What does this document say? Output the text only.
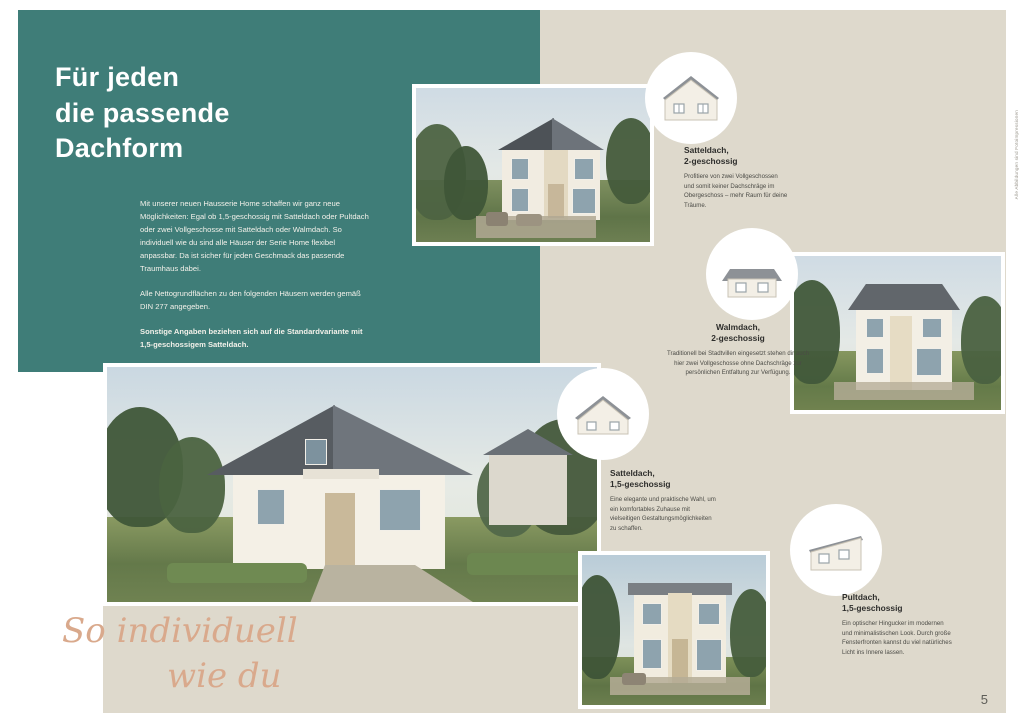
Für jeden
die passende
Dachform

Mit unserer neuen Hausserie Home schaffen wir ganz neue Möglichkeiten: Egal ob 1,5-geschossig mit Satteldach oder Pultdach oder zwei Vollgeschosse mit Satteldach oder Walmdach. So individuell wie du sind alle Häuser der Serie Home flexibel anpassbar. Da ist sicher für jeden Geschmack das passende Traumhaus dabei.

Alle Nettogrundflächen zu den folgenden Häusern werden gemäß DIN 277 angegeben.

Sonstige Angaben beziehen sich auf die Standardvariante mit 1,5-geschossigem Satteldach.

So individuell
wie du
5
Alle Abbildungen sind Fotoimpressionen
Satteldach,
2-geschossig
Profitiere von zwei Vollgeschossen und somit keiner Dachschräge im Obergeschoss – mehr Raum für deine Träume.
Walmdach,
2-geschossig
Traditionell bei Stadtvillen eingesetzt stehen dir auch hier zwei Vollgeschosse ohne Dachschräge zur persönlichen Entfaltung zur Verfügung.
Satteldach,
1,5-geschossig
Eine elegante und praktische Wahl, um ein komfortables Zuhause mit vielseitigen Gestaltungsmöglichkeiten zu schaffen.
Pultdach,
1,5-geschossig
Ein optischer Hingucker im modernen und minimalistischen Look. Durch große Fensterfronten kannst du viel natürliches Licht ins Innere lassen.
